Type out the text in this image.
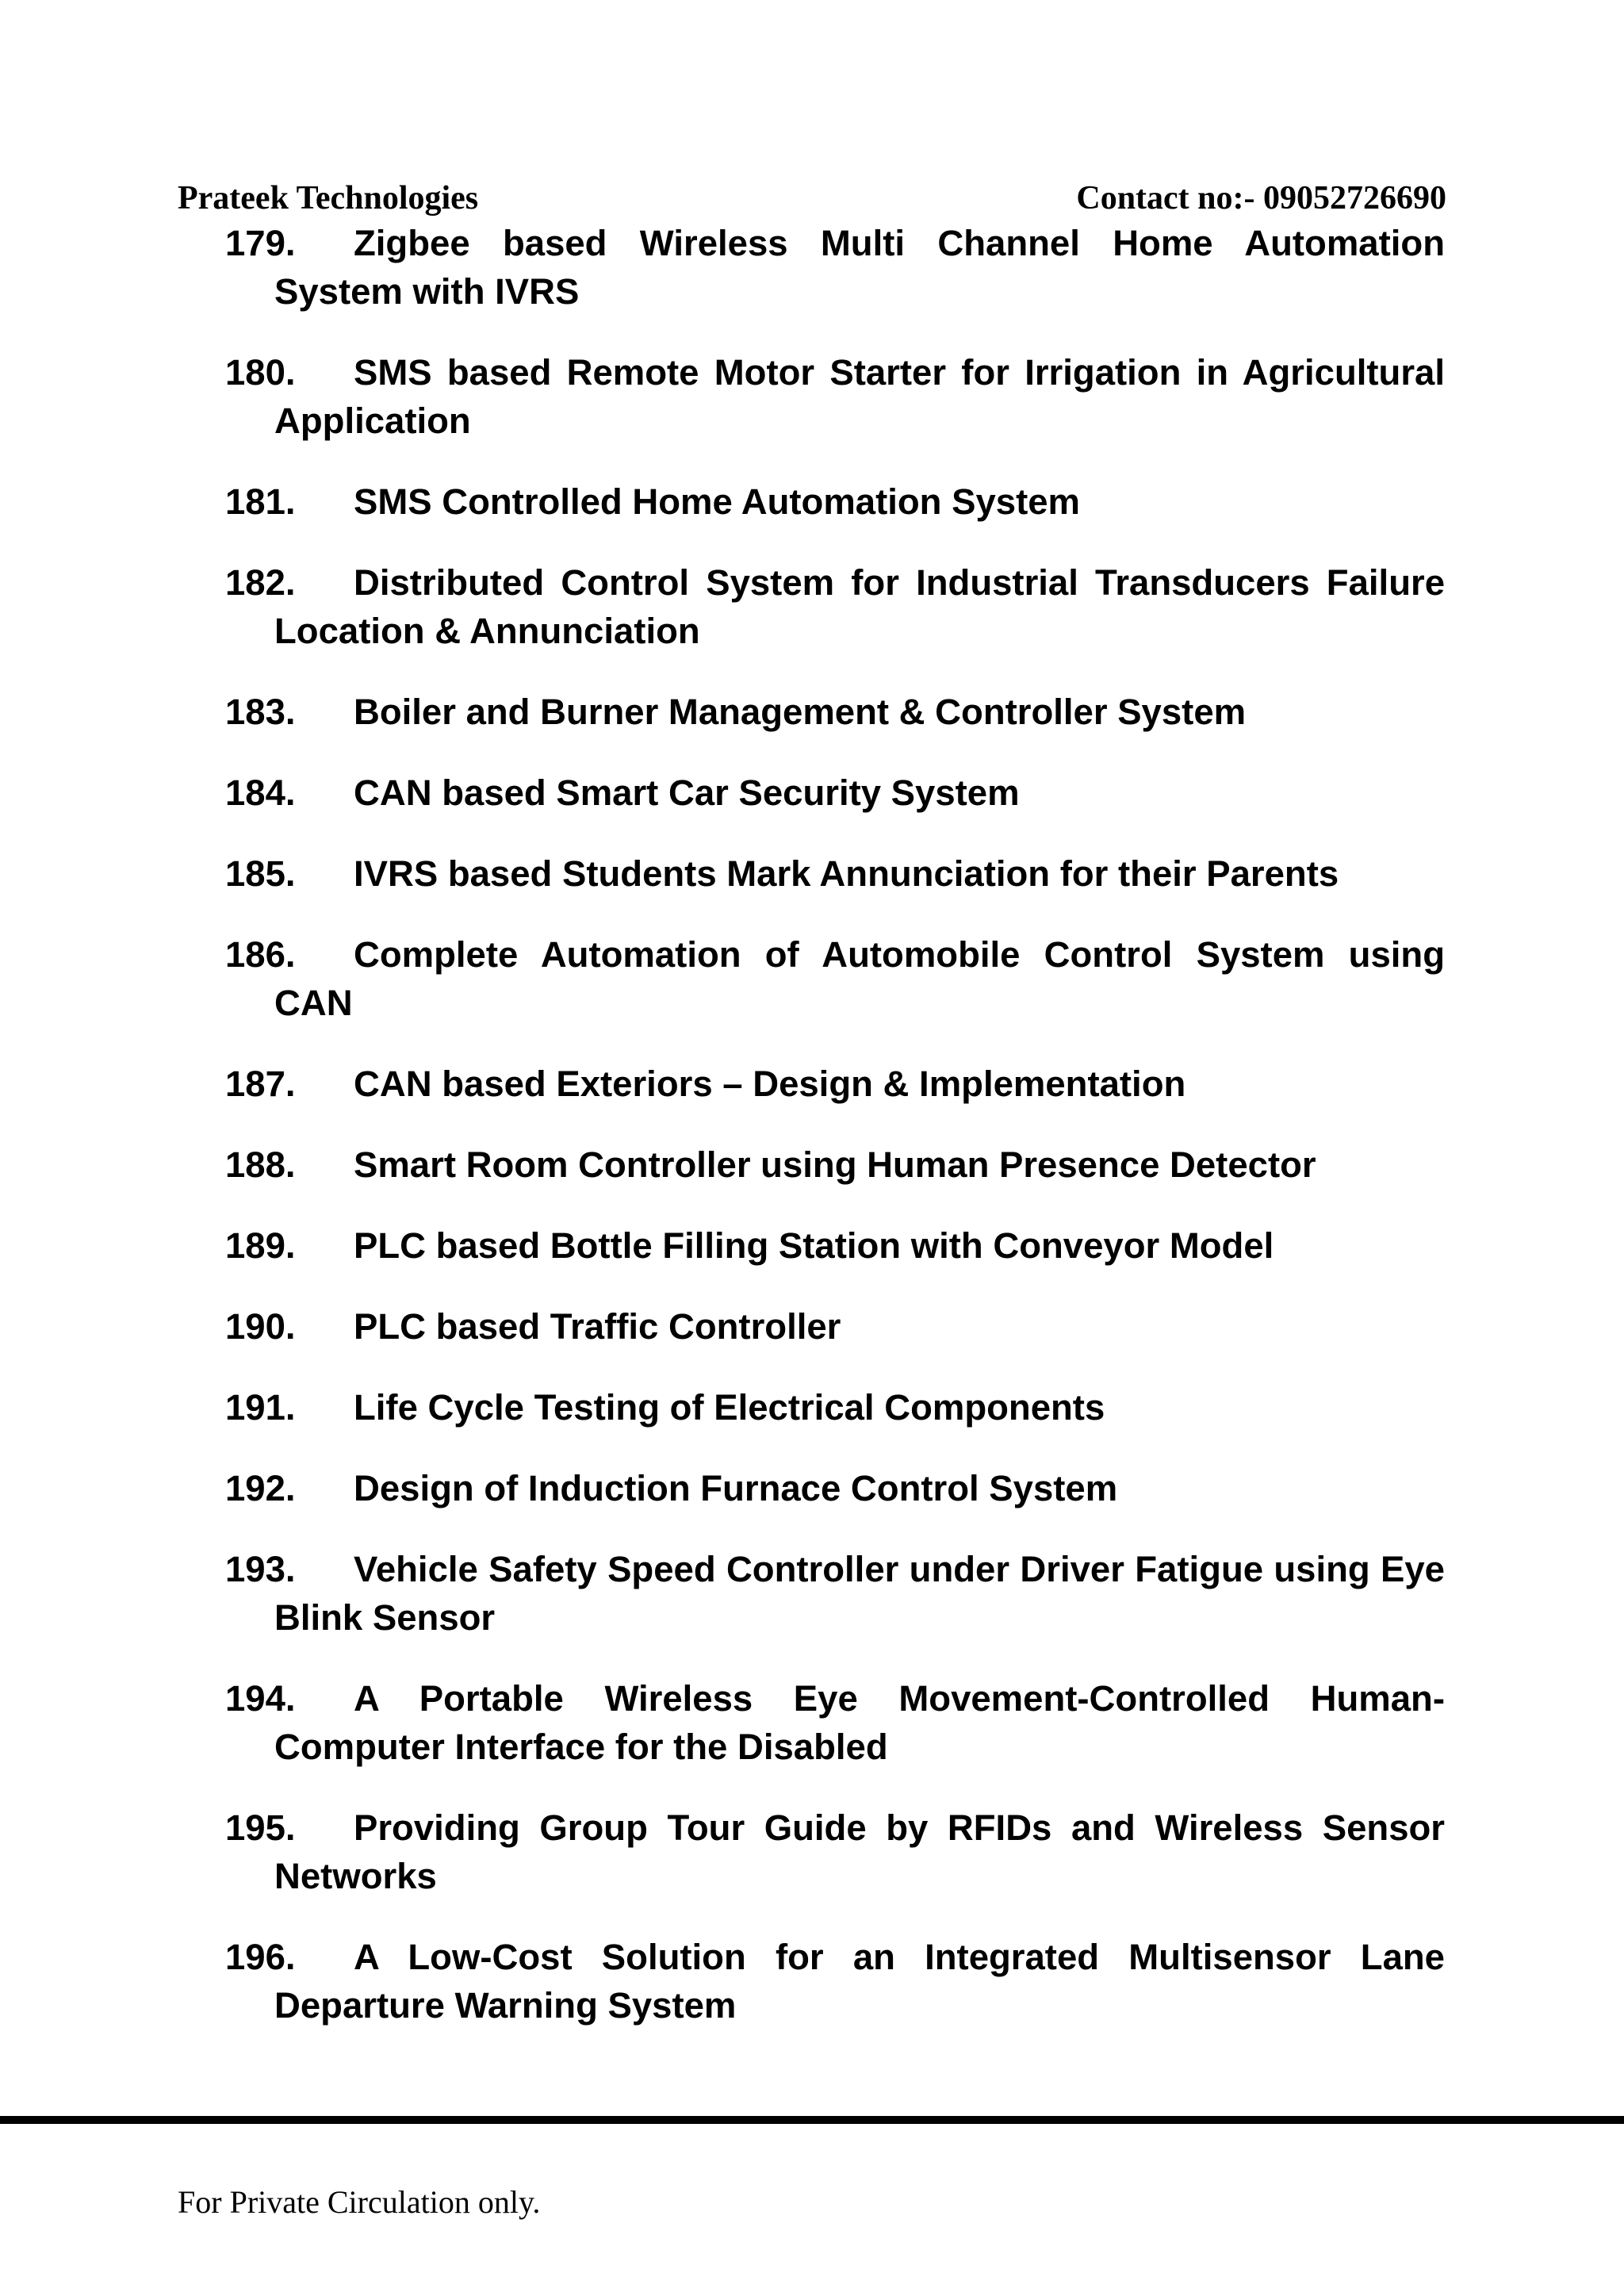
Prateek Technologies	Contact no:- 09052726690
179. Zigbee based Wireless Multi Channel Home Automation System with IVRS
180. SMS based Remote Motor Starter for Irrigation in Agricultural Application
181. SMS Controlled Home Automation System
182. Distributed Control System for Industrial Transducers Failure Location & Annunciation
183. Boiler and Burner Management & Controller System
184. CAN based Smart Car Security System
185. IVRS based Students Mark Annunciation for their Parents
186. Complete Automation of Automobile Control System using CAN
187. CAN based Exteriors – Design & Implementation
188. Smart Room Controller using Human Presence Detector
189. PLC based Bottle Filling Station with Conveyor Model
190. PLC based Traffic Controller
191. Life Cycle Testing of Electrical Components
192. Design of Induction Furnace Control System
193. Vehicle Safety Speed Controller under Driver Fatigue using Eye Blink Sensor
194. A Portable Wireless Eye Movement-Controlled Human-Computer Interface for the Disabled
195. Providing Group Tour Guide by RFIDs and Wireless Sensor Networks
196. A Low-Cost Solution for an Integrated Multisensor Lane Departure Warning System
For Private Circulation only.
